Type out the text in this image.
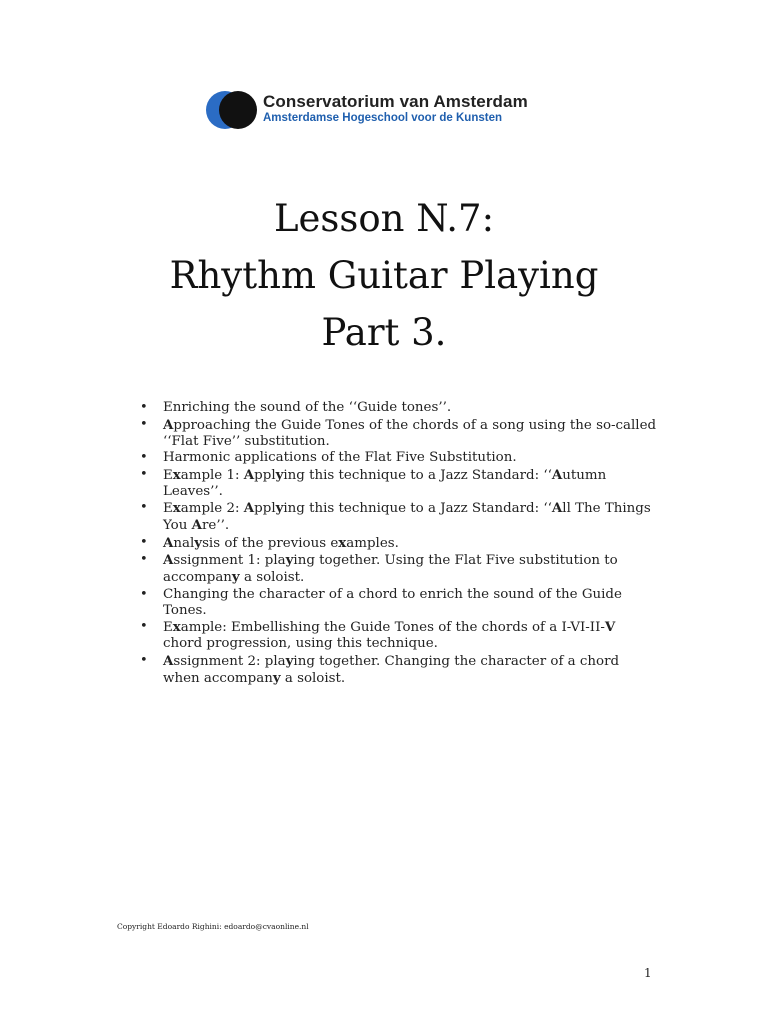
Conservatorium van Amsterdam
Amsterdamse Hogeschool voor de Kunsten
Lesson N.7:
Rhythm Guitar Playing
Part 3.
• Enriching the sound of the ‘‘Guide tones’’.
• Approaching the Guide Tones of the chords of a song using the so-called ‘‘Flat Five’’ substitution.
• Harmonic applications of the Flat Five Substitution.
• Example 1: Applying this technique to a Jazz Standard: ‘‘Autumn Leaves’’.
• Example 2: Applying this technique to a Jazz Standard: ‘‘All The Things You Are’’.
• Analysis of the previous examples.
• Assignment 1: playing together. Using the Flat Five substitution to accompany a soloist.
• Changing the character of a chord to enrich the sound of the Guide Tones.
• Example: Embellishing the Guide Tones of the chords of a I-VI-II-V chord progression, using this technique.
• Assignment 2: playing together. Changing the character of a chord when accompany a soloist.
Copyright Edoardo Righini: edoardo@cvaonline.nl
1
